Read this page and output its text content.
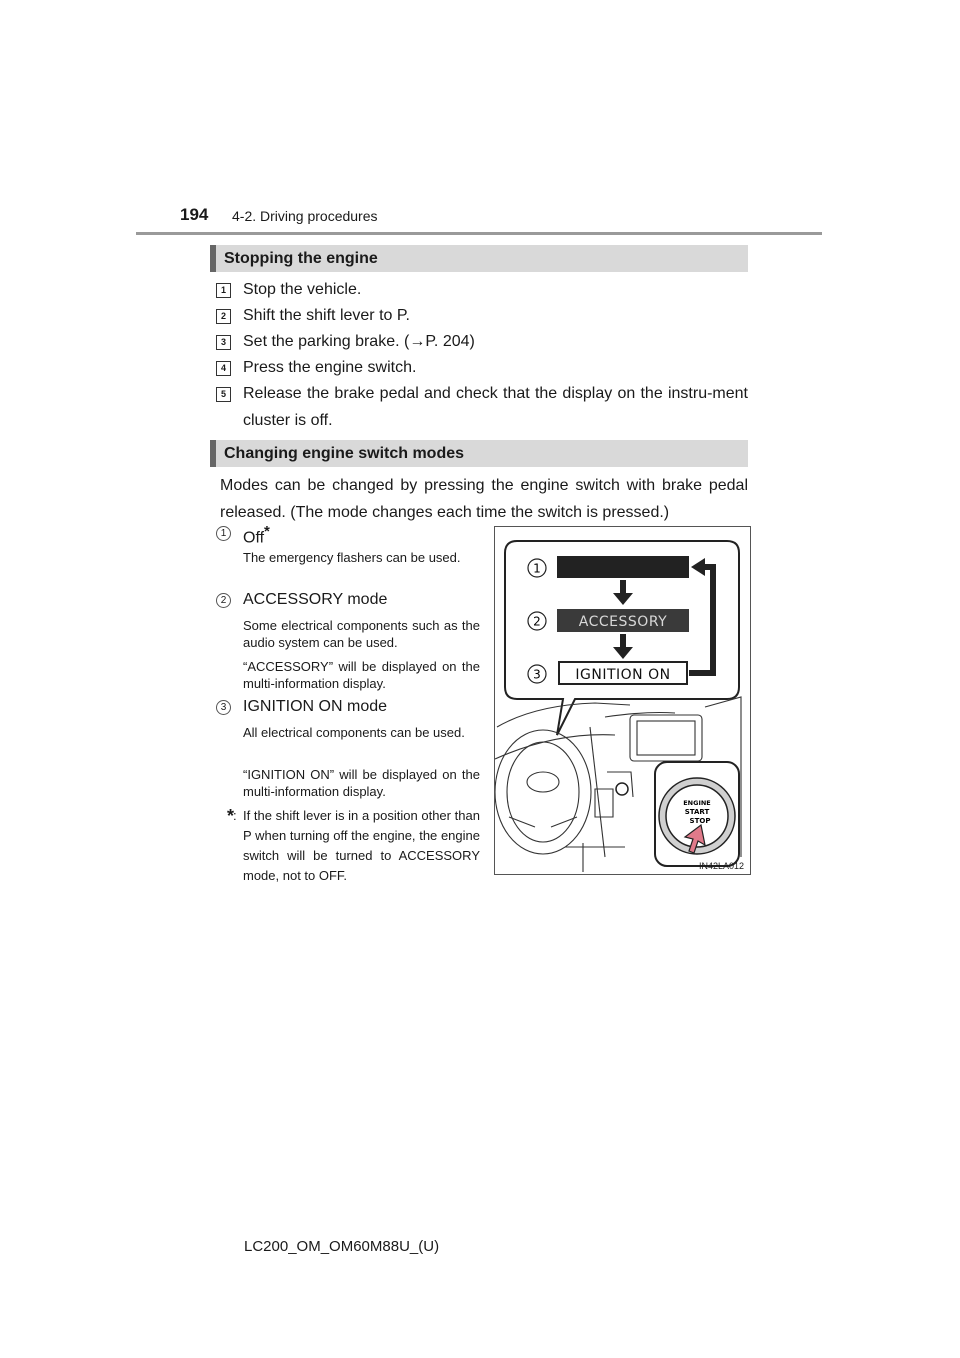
194 4-2. Driving procedures
Stopping the engine
1	Stop the vehicle.
2	Shift the shift lever to P.
3	Set the parking brake. (→P. 204)
4	Press the engine switch.
5	Release the brake pedal and check that the display on the instru-ment cluster is off.
Changing engine switch modes
Modes can be changed by pressing the engine switch with brake pedal released. (The mode changes each time the switch is pressed.)
1 Off*
The emergency flashers can be used.
2 ACCESSORY mode
Some electrical components such as the audio system can be used.
“ACCESSORY” will be displayed on the multi-information display.
3 IGNITION ON mode
All electrical components can be used.
“IGNITION ON” will be displayed on the multi-information display.
*
: If the shift lever is in a position other than P when turning off the engine, the engine switch will be turned to ACCESSORY mode, not to OFF.
1
2
3
ACCESSORY
IGNITION ON
ENGINE
START
STOP
IN42LA012
LC200_OM_OM60M88U_(U)
